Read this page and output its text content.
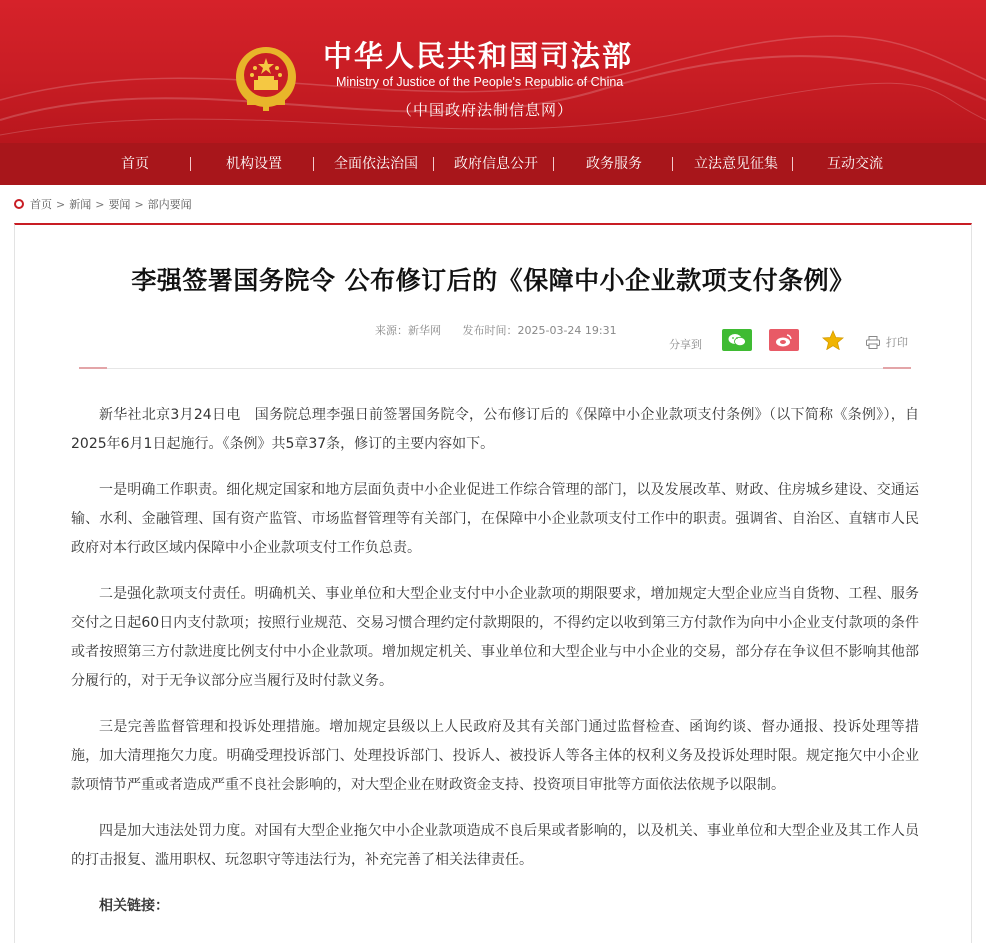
中华人民共和国司法部
Ministry of Justice of the People's Republic of China
（中国政府法制信息网）
首页	机构设置	全面依法治国	政府信息公开	政务服务	立法意见征集	互动交流
首页 > 新闻 > 要闻 > 部内要闻
李强签署国务院令 公布修订后的《保障中小企业款项支付条例》
来源：新华网 发布时间：2025-03-24 19:31
分享到	打印

新华社北京3月24日电　国务院总理李强日前签署国务院令，公布修订后的《保障中小企业款项支付条例》（以下简称《条例》），自2025年6月1日起施行。《条例》共5章37条，修订的主要内容如下。

一是明确工作职责。细化规定国家和地方层面负责中小企业促进工作综合管理的部门，以及发展改革、财政、住房城乡建设、交通运输、水利、金融管理、国有资产监管、市场监督管理等有关部门，在保障中小企业款项支付工作中的职责。强调省、自治区、直辖市人民政府对本行政区域内保障中小企业款项支付工作负总责。

二是强化款项支付责任。明确机关、事业单位和大型企业支付中小企业款项的期限要求，增加规定大型企业应当自货物、工程、服务交付之日起60日内支付款项；按照行业规范、交易习惯合理约定付款期限的，不得约定以收到第三方付款作为向中小企业支付款项的条件或者按照第三方付款进度比例支付中小企业款项。增加规定机关、事业单位和大型企业与中小企业的交易，部分存在争议但不影响其他部分履行的，对于无争议部分应当履行及时付款义务。

三是完善监督管理和投诉处理措施。增加规定县级以上人民政府及其有关部门通过监督检查、函询约谈、督办通报、投诉处理等措施，加大清理拖欠力度。明确受理投诉部门、处理投诉部门、投诉人、被投诉人等各主体的权利义务及投诉处理时限。规定拖欠中小企业款项情节严重或者造成严重不良社会影响的，对大型企业在财政资金支持、投资项目审批等方面依法依规予以限制。

四是加大违法处罚力度。对国有大型企业拖欠中小企业款项造成不良后果或者影响的，以及机关、事业单位和大型企业及其工作人员的打击报复、滥用职权、玩忽职守等违法行为，补充完善了相关法律责任。

相关链接：
